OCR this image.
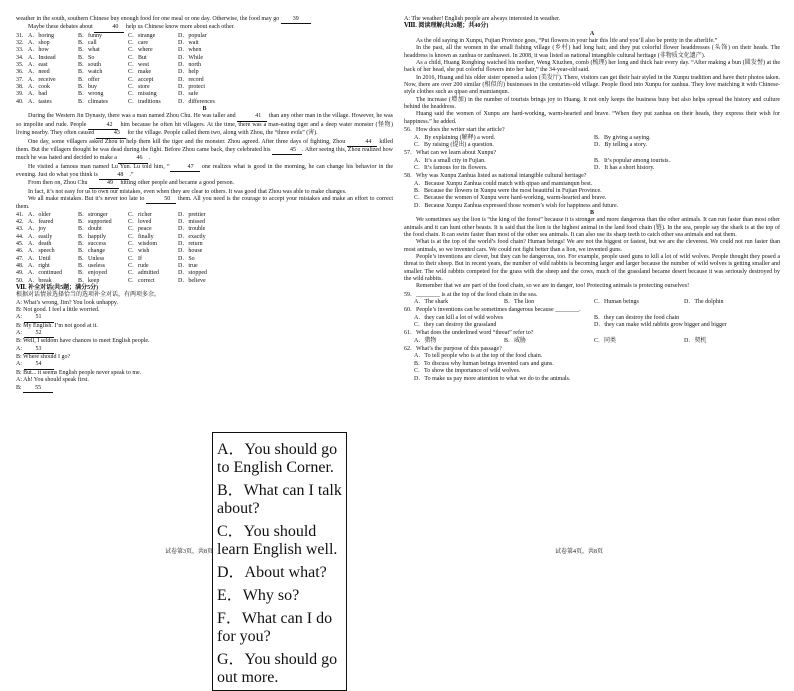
weather in the south, southern Chinese buy enough food for one meal or one day. Otherwise, the food may go 39

Maybe these debates about	40 help us Chinese know more about each other.

31. A．boring	B．funny	C．strange	D．popular
32. A．shop	B．call	C．care	D．wait
33. A．how	B．what	C．where	D．when
34. A．Instead	B．So	C．But	D．While
35. A．east	B．south	C．west	D．north
36. A．need	B．watch	C．make	D．help
37. A．receive	B．offer	C．accept	D．record
38. A．cook	B．buy	C．store	D．protect
39. A．bad	B．wrong	C．missing	D．safe
40. A．tastes	B．climates	C．traditions	D．differences

B

During the Western Jin Dynasty, there was a man named Zhou Chu. He was taller and	41 than any other man in the village. However, he was so impolite and rude. People	42 him because he often hit villagers. At the time, there was a man-eating tiger and a deep water monster (怪物) living nearby. They often caused	43 for the village. People called them two, along with Zhou, the “three evils” (害).

One day, some villagers asked Zhou to help them kill the tiger and the monster. Zhou agreed. After three days of fighting, Zhou	44 killed them. But the villagers thought he was dead during the fight. Before Zhou came back, they celebrated his	45 . After seeing this, Zhou realized how much he was hated and decided to make a	46 .

He visited a famous man named Lu Yun. Lu told him, “	47 one realizes what is good in the morning, he can change his behavior in the evening. Just do what you think is	48 .”

From then on, Zhou Chu	49 hitting other people and became a good person.

In fact, it’s not easy for us to own our mistakes, even when they are clear to others. It was good that Zhou was able to make changes.

We all make mistakes. But it’s never too late to	50 them. All you need is the courage to accept your mistakes and make an effort to correct them.

41. A．older	B．stronger	C．richer	D．prettier
42. A．feared	B．supported	C．loved	D．missed
43. A．joy	B．doubt	C．peace	D．trouble
44. A．easily	B．happily	C．finally	D．exactly
45. A．death	B．success	C．wisdom	D．return
46. A．speech	B．change	C．wish	D．house
47. A．Until	B．Unless	C．If	D．So
48. A．right	B．useless	C．rude	D．true
49. A．continued	B．enjoyed	C．admitted	D．stopped
50. A．break	B．keep	C．correct	D．believe

Ⅶ. 补全对话(共5题；满分5分)

根据对话情景选择恰当的选项补全对话，有两项多余。

A: What’s wrong, Jim? You look unhappy.

B: Not good. I feel a little worried.

A: 51

B: My English. I’m not good at it.

A: 52

B: Well, I seldom have chances to meet English people.

A: 53

B: Where should I go?

A: 54

B: But... it seems English people never speak to me.

A: Ah! You should speak first.

B: 55

A．You should go to English Corner.

B．What can I talk about?

C．You should learn English well.

D．About what?

E．Why so?

F．What can I do for you?

G．You should go out more.

试卷第3页，共8页

A: The weather! English people are always interested in weather.

Ⅷ. 阅读理解(共20题；共40分)

A

As the old saying in Xunpu, Fujian Province goes, “Put flowers in your hair this life and you’ll also be pretty in the afterlife.”

In the past, all the women in the small fishing village (乡村) had long hair, and they put colorful flower headdresses (头饰) on their heads. The headdress is known as zanhua or zanhuawei. In 2008, it was listed as national intangible cultural heritage (非物质文化遗产).

As a child, Huang Rongbing watched his mother, Weng Xiuzhen, comb (梳理) her long and thick hair every day. “After making a bun (圆发髻) at the back of her head, she put colorful flowers into her hair,” the 34-year-old said.

In 2016, Huang and his older sister opened a salon (美发厅). There, visitors can get their hair styled in the Xunpu tradition and have their photos taken. Now, there are over 200 similar (相似的) businesses in the centuries-old village. People flood into Xunpu for zanhua. They love matching it with Chinese-style clothes such as qipao and mamianqun.

The increase (增加) in the number of tourists brings joy to Huang. It not only keeps the business busy but also helps spread the history and culture behind the headdress.

Huang said the women of Xunpu are hard-working, warm-hearted and brave. “When they put zanhua on their heads, they express their wish for happiness.” he added.

56．How does the writer start the article?

A．By explaining (解释) a word.	B．By giving a saying.
C．By raising (提出) a question.	D．By telling a story.

57．What can we learn about Xunpu?

A．It’s a small city in Fujian.	B．It’s popular among tourists.
C．It’s famous for its flowers.	D．It has a short history.

58．Why was Xunpu Zanhua listed as national intangible cultural heritage?

A．Because Xunpu Zanhua could match with qipao and mamianqun best.

B．Because the flowers in Xunpu were the most beautiful in Fujian Province.

C．Because the women of Xunpu were hard-working, warm-hearted and brave.

D．Because Xunpu Zanhua expressed those women’s wish for happiness and future.

B

We sometimes say the lion is “the king of the forest” because it is stronger and more dangerous than the other animals. It can run faster than most other animals and it can hunt other beasts. It is said that the lion is the highest animal in the land food chain (链). In the sea, people say the shark is at the top of the food chain. It can swim faster than most of the other sea animals. It can also use its sharp teeth to catch other sea animals and eat them.

What is at the top of the world’s food chain? Human beings! We are not the biggest or fastest, but we are the cleverest. We could not run faster than most animals, so we invented cars. We could not fight better than a lion, we invented guns.

People’s inventions are clever, but they can be dangerous, too. For example, people used guns to kill a lot of wild wolves. People thought they posed a threat to their sheep. But in recent years, the number of wild rabbits is becoming larger and larger because the number of wild wolves is getting smaller and smaller. The wild rabbits competed for the grass with the sheep and the cows, much of the grassland became desert because it was seriously destroyed by the wild rabbits.

Remember that we are part of the food chain, so we are in danger, too! Protecting animals is protecting ourselves!

59．________ is at the top of the food chain in the sea.

A．The shark	B．The lion	C．Human beings	D．The dolphin

60．People’s inventions can be sometimes dangerous because ________.

A．they can kill a lot of wild wolves	B．they can destroy the food chain
C．they can destroy the grassland	D．they can make wild rabbits grow bigger and bigger

61．What does the underlined word “threat” refer to?

A．猎物	B．威胁	C．同类	D．契机

62．What’s the purpose of this passage?

A．To tell people who is at the top of the food chain.

B．To discuss why human beings invented cars and guns.

C．To show the importance of wild wolves.

D．To make us pay more attention to what we do to the animals.

试卷第4页，共8页
